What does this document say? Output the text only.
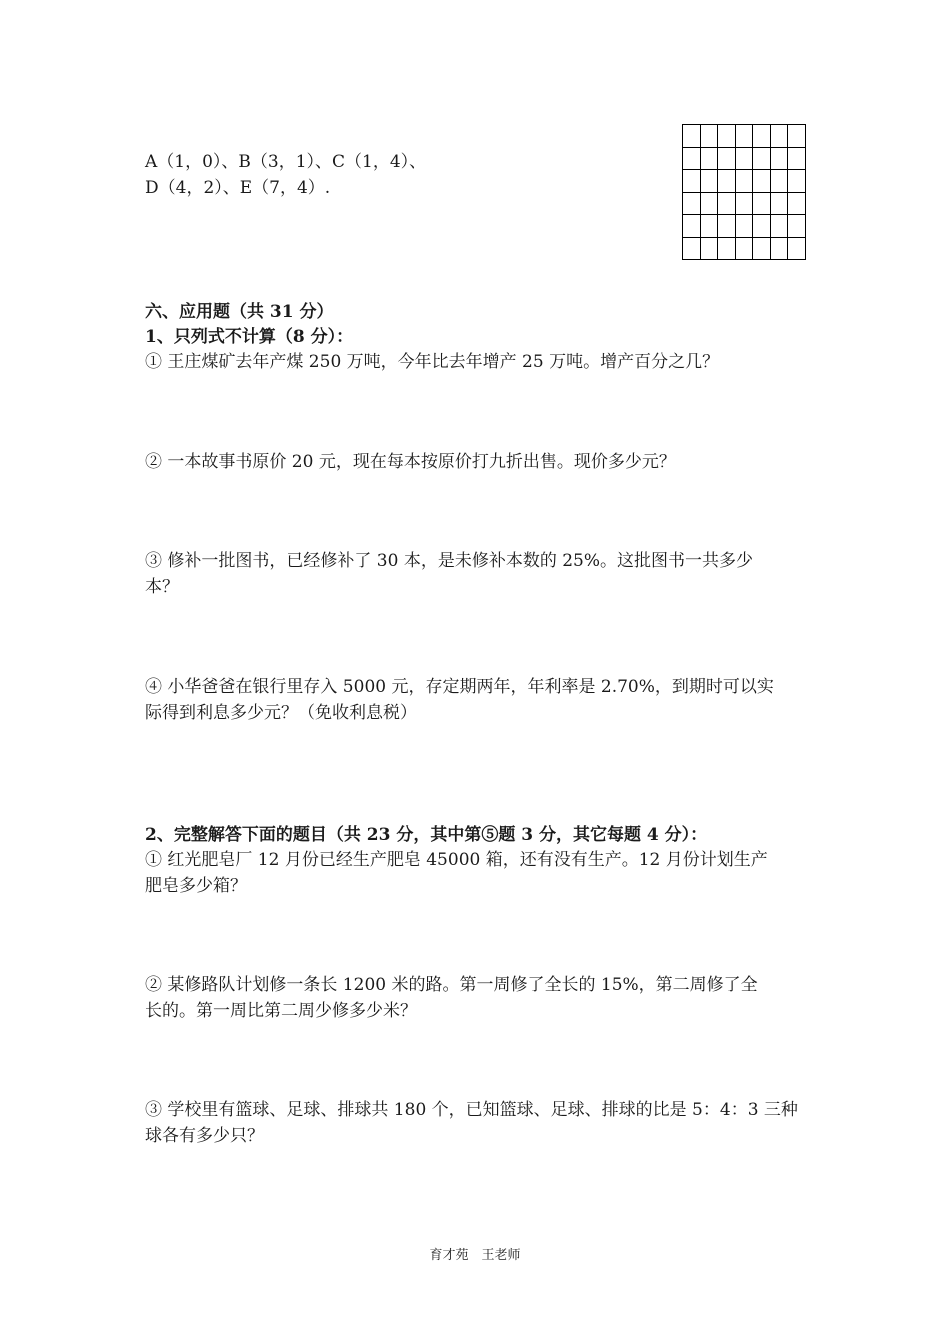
A（1，0）、B（3，1）、C（1，4）、
D（4，2）、E（7，4）.
六、应用题（共 31 分）
1、只列式不计算（8 分）：
① 王庄煤矿去年产煤 250 万吨，今年比去年增产 25 万吨。增产百分之几？
② 一本故事书原价 20 元，现在每本按原价打九折出售。现价多少元？
③ 修补一批图书，已经修补了 30 本，是未修补本数的 25%。这批图书一共多少
本？
④ 小华爸爸在银行里存入 5000 元，存定期两年，年利率是 2.70%，到期时可以实
际得到利息多少元？（免收利息税）
2、完整解答下面的题目（共 23 分，其中第⑤题 3 分，其它每题 4 分）：
① 红光肥皂厂 12 月份已经生产肥皂 45000 箱，还有没有生产。12 月份计划生产
肥皂多少箱？
② 某修路队计划修一条长 1200 米的路。第一周修了全长的 15%，第二周修了全
长的。第一周比第二周少修多少米？
③ 学校里有篮球、足球、排球共 180 个，已知篮球、足球、排球的比是 5：4：3 三种
球各有多少只？
育才苑　王老师
